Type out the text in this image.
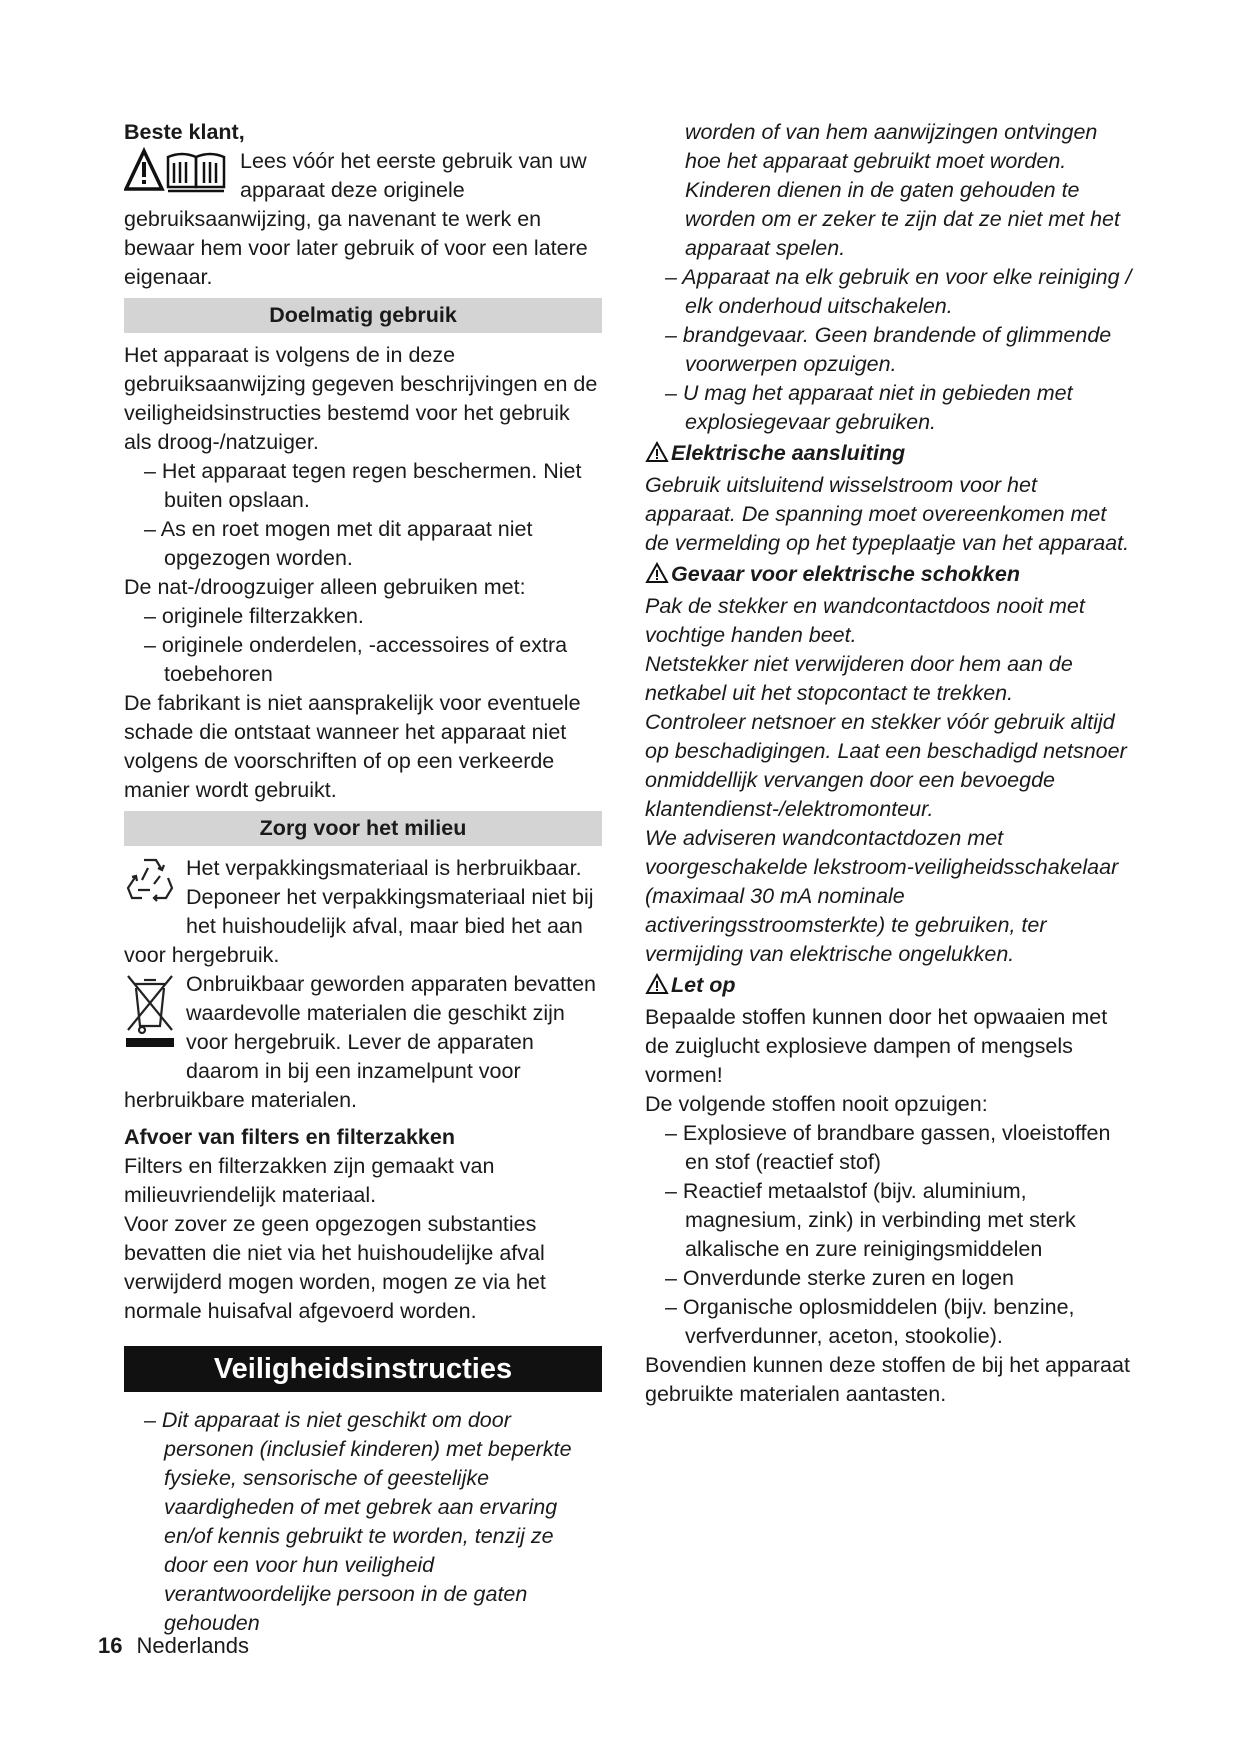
Beste klant,

Lees vóór het eerste gebruik van uw apparaat deze originele gebruiksaanwijzing, ga navenant te werk en bewaar hem voor later gebruik of voor een latere eigenaar.

Doelmatig gebruik

Het apparaat is volgens de in deze gebruiksaanwijzing gegeven beschrijvingen en de veiligheidsinstructies bestemd voor het gebruik als droog-/natzuiger.

– Het apparaat tegen regen beschermen. Niet buiten opslaan.

– As en roet mogen met dit apparaat niet opgezogen worden.

De nat-/droogzuiger alleen gebruiken met:

– originele filterzakken.

– originele onderdelen, -accessoires of extra toebehoren

De fabrikant is niet aansprakelijk voor eventuele schade die ontstaat wanneer het apparaat niet volgens de voorschriften of op een verkeerde manier wordt gebruikt.

Zorg voor het milieu

Het verpakkingsmateriaal is herbruikbaar. Deponeer het verpakkingsmateriaal niet bij het huishoudelijk afval, maar bied het aan voor hergebruik.

Onbruikbaar geworden apparaten bevatten waardevolle materialen die geschikt zijn voor hergebruik. Lever de apparaten daarom in bij een inzamelpunt voor herbruikbare materialen.

Afvoer van filters en filterzakken

Filters en filterzakken zijn gemaakt van milieuvriendelijk materiaal.

Voor zover ze geen opgezogen substanties bevatten die niet via het huishoudelijke afval verwijderd mogen worden, mogen ze via het normale huisafval afgevoerd worden.

Veiligheidsinstructies

– Dit apparaat is niet geschikt om door personen (inclusief kinderen) met beperkte fysieke, sensorische of geestelijke vaardigheden of met gebrek aan ervaring en/of kennis gebruikt te worden, tenzij ze door een voor hun veiligheid verantwoordelijke persoon in de gaten gehouden

worden of van hem aanwijzingen ontvingen hoe het apparaat gebruikt moet worden. Kinderen dienen in de gaten gehouden te worden om er zeker te zijn dat ze niet met het apparaat spelen.

– Apparaat na elk gebruik en voor elke reiniging / elk onderhoud uitschakelen.

– brandgevaar. Geen brandende of glimmende voorwerpen opzuigen.

– U mag het apparaat niet in gebieden met explosiegevaar gebruiken.

Elektrische aansluiting

Gebruik uitsluitend wisselstroom voor het apparaat. De spanning moet overeenkomen met de vermelding op het typeplaatje van het apparaat.

Gevaar voor elektrische schokken

Pak de stekker en wandcontactdoos nooit met vochtige handen beet.

Netstekker niet verwijderen door hem aan de netkabel uit het stopcontact te trekken.

Controleer netsnoer en stekker vóór gebruik altijd op beschadigingen. Laat een beschadigd netsnoer onmiddellijk vervangen door een bevoegde klantendienst-/elektromonteur.

We adviseren wandcontactdozen met voorgeschakelde lekstroom-veiligheidsschakelaar (maximaal 30 mA nominale activeringsstroomsterkte) te gebruiken, ter vermijding van elektrische ongelukken.

Let op

Bepaalde stoffen kunnen door het opwaaien met de zuiglucht explosieve dampen of mengsels vormen!

De volgende stoffen nooit opzuigen:

– Explosieve of brandbare gassen, vloeistoffen en stof (reactief stof)

– Reactief metaalstof (bijv. aluminium, magnesium, zink) in verbinding met sterk alkalische en zure reinigingsmiddelen

– Onverdunde sterke zuren en logen

– Organische oplosmiddelen (bijv. benzine, verfverdunner, aceton, stookolie).

Bovendien kunnen deze stoffen de bij het apparaat gebruikte materialen aantasten.

16 Nederlands
